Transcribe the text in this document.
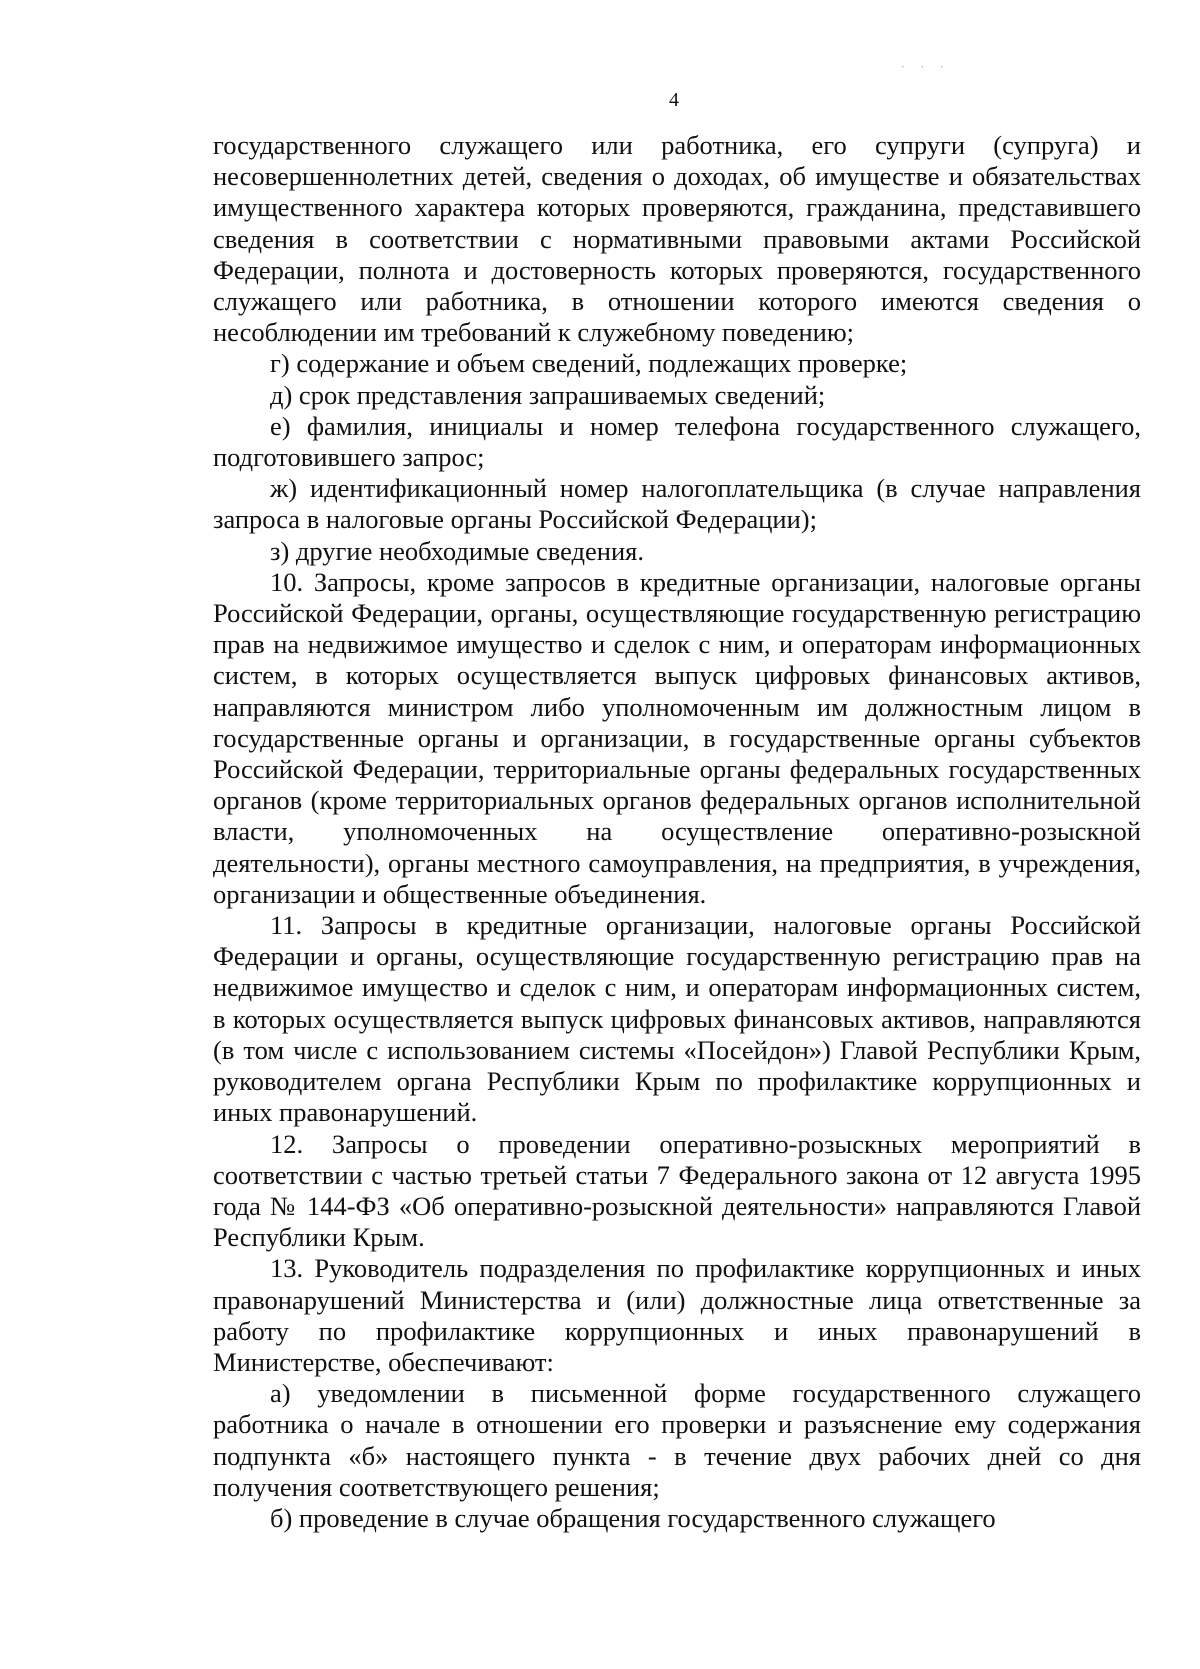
· · ·
4

государственного служащего или работника, его супруги (супруга) и несовершеннолетних детей, сведения о доходах, об имуществе и обязательствах имущественного характера которых проверяются, гражданина, представившего сведения в соответствии с нормативными правовыми актами Российской Федерации, полнота и достоверность которых проверяются, государственного служащего или работника, в отношении которого имеются сведения о несоблюдении им требований к служебному поведению;

г) содержание и объем сведений, подлежащих проверке;

д) срок представления запрашиваемых сведений;

е) фамилия, инициалы и номер телефона государственного служащего, подготовившего запрос;

ж) идентификационный номер налогоплательщика (в случае направления запроса в налоговые органы Российской Федерации);

з) другие необходимые сведения.

10. Запросы, кроме запросов в кредитные организации, налоговые органы Российской Федерации, органы, осуществляющие государственную регистрацию прав на недвижимое имущество и сделок с ним, и операторам информационных систем, в которых осуществляется выпуск цифровых финансовых активов, направляются министром либо уполномоченным им должностным лицом в государственные органы и организации, в государственные органы субъектов Российской Федерации, территориальные органы федеральных государственных органов (кроме территориальных органов федеральных органов исполнительной власти, уполномоченных на осуществление оперативно-розыскной деятельности), органы местного самоуправления, на предприятия, в учреждения, организации и общественные объединения.

11. Запросы в кредитные организации, налоговые органы Российской Федерации и органы, осуществляющие государственную регистрацию прав на недвижимое имущество и сделок с ним, и операторам информационных систем, в которых осуществляется выпуск цифровых финансовых активов, направляются (в том числе с использованием системы «Посейдон») Главой Республики Крым, руководителем органа Республики Крым по профилактике коррупционных и иных правонарушений.

12. Запросы о проведении оперативно-розыскных мероприятий в соответствии с частью третьей статьи 7 Федерального закона от 12 августа 1995 года № 144-ФЗ «Об оперативно-розыскной деятельности» направляются Главой Республики Крым.

13. Руководитель подразделения по профилактике коррупционных и иных правонарушений Министерства и (или) должностные лица ответственные за работу по профилактике коррупционных и иных правонарушений в Министерстве, обеспечивают:

а) уведомлении в письменной форме государственного служащего работника о начале в отношении его проверки и разъяснение ему содержания подпункта «б» настоящего пункта - в течение двух рабочих дней со дня получения соответствующего решения;

б) проведение в случае обращения государственного служащего
